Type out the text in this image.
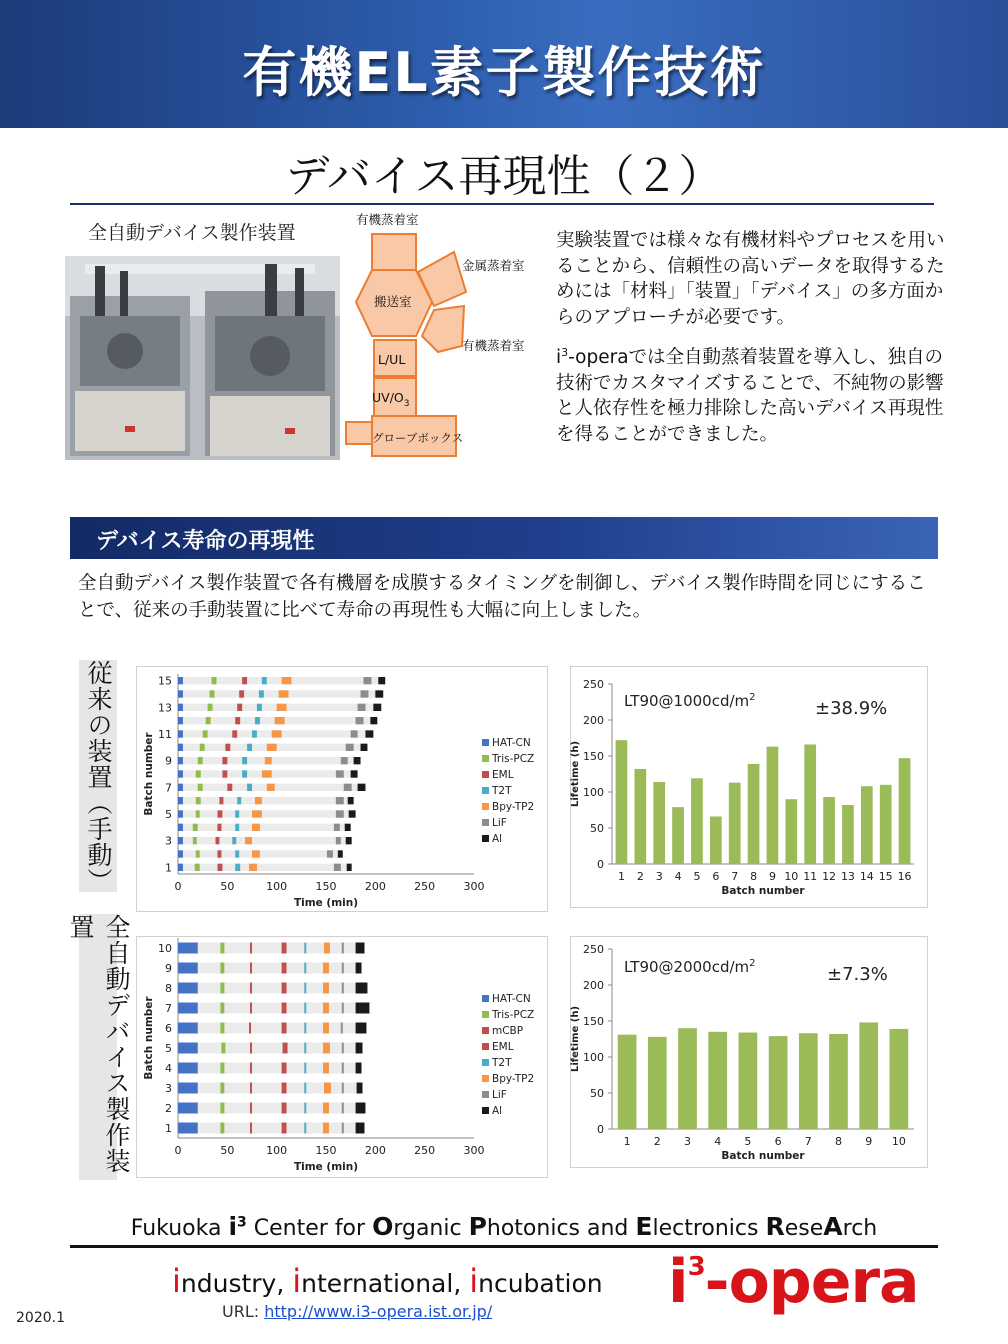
有機EL素子製作技術
デバイス再現性（２）
全自動デバイス製作装置
有機蒸着室
金属蒸着室
有機蒸着室
搬送室
L/UL
$UV/O_3$
グローブボックス

実験装置では様々な有機材料やプロセスを用いることから、信頼性の高いデータを取得するためには「材料」「装置」「デバイス」の多方面からのアプローチが必要です。

$i^3$-operaでは全自動蒸着装置を導入し、独自の技術でカスタマイズすることで、不純物の影響と人依存性を極力排除した高いデバイス再現性を得ることができました。

デバイス寿命の再現性
全自動デバイス製作装置で各有機層を成膜するタイミングを制御し、デバイス製作時間を同じにすることで、従来の手動装置に比べて寿命の再現性も大幅に向上しました。
従来の装置（手動）
全自動デバイス製作装置
0	50	100	150	200	250	300
Time (min)
Batch number
1
3
5
7
9
11
13
15
HAT-CN
Tris-PCZ
EML
T2T
Bpy-TP2
LiF
Al
0
50
100
150
200
250
1 2 3 4 5 6 7 8 9 10 11 12 13 14 15 16
Batch number
Lifetime (h)
$LT90@1000cd/m^2$
±38.9%
0	50	100	150	200	250	300
Time (min)
Batch number
1
2
3
4
5
6
7
8
9
10
HAT-CN
Tris-PCZ
mCBP
EML
T2T
Bpy-TP2
LiF
Al
0
50
100
150
200
250
1 2 3 4 5 6 7 8 9 10
Batch number
Lifetime (h)
$LT90@2000cd/m^2$
±7.3%
Fukuoka $i^3$ Center for Organic Photonics and Electronics ReseArch
industry, international, incubation
URL: http://www.i3-opera.ist.or.jp/
2020.1
$i^3$-opera
